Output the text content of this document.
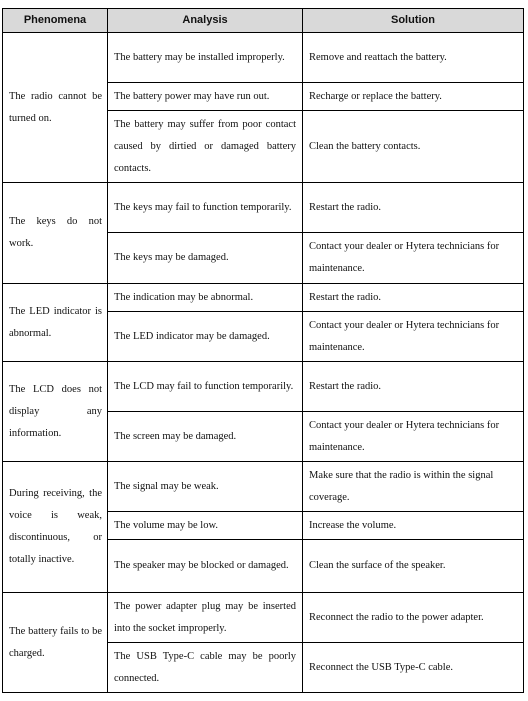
Phenomena	Analysis	Solution
The radio cannot be turned on.	The battery may be installed improperly.	Remove and reattach the battery.
	The battery power may have run out.	Recharge or replace the battery.
	The battery may suffer from poor contact caused by dirtied or damaged battery contacts.	Clean the battery contacts.
The keys do not work.	The keys may fail to function temporarily.	Restart the radio.
	The keys may be damaged.	Contact your dealer or Hytera technicians for maintenance.
The LED indicator is abnormal.	The indication may be abnormal.	Restart the radio.
	The LED indicator may be damaged.	Contact your dealer or Hytera technicians for maintenance.
The LCD does not display any information.	The LCD may fail to function temporarily.	Restart the radio.
	The screen may be damaged.	Contact your dealer or Hytera technicians for maintenance.
During receiving, the voice is weak, discontinuous, or totally inactive.	The signal may be weak.	Make sure that the radio is within the signal coverage.
	The volume may be low.	Increase the volume.
	The speaker may be blocked or damaged.	Clean the surface of the speaker.
The battery fails to be charged.	The power adapter plug may be inserted into the socket improperly.	Reconnect the radio to the power adapter.
	The USB Type-C cable may be poorly connected.	Reconnect the USB Type-C cable.
